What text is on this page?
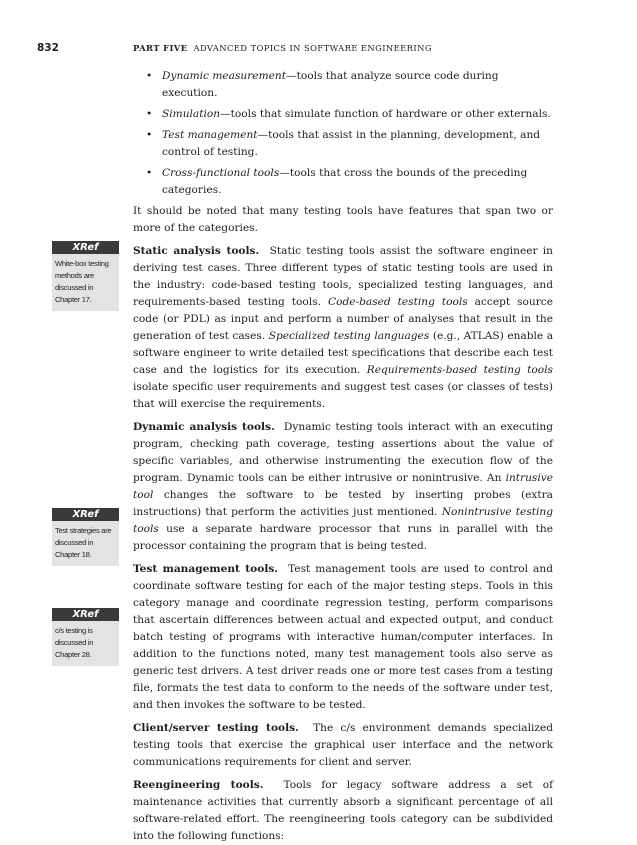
832	PART FIVE ADVANCED TOPICS IN SOFTWARE ENGINEERING
• Dynamic measurement—tools that analyze source code during execution.
• Simulation—tools that simulate function of hardware or other externals.
• Test management—tools that assist in the planning, development, and control of testing.
• Cross-functional tools—tools that cross the bounds of the preceding categories.

It should be noted that many testing tools have features that span two or more of the categories.

Static analysis tools. Static testing tools assist the software engineer in deriving test cases. Three different types of static testing tools are used in the industry: code-based testing tools, specialized testing languages, and requirements-based testing tools. Code-based testing tools accept source code (or PDL) as input and perform a number of analyses that result in the generation of test cases. Specialized testing languages (e.g., ATLAS) enable a software engineer to write detailed test specifications that describe each test case and the logistics for its execution. Requirements-based testing tools isolate specific user requirements and suggest test cases (or classes of tests) that will exercise the requirements.

Dynamic analysis tools. Dynamic testing tools interact with an executing program, checking path coverage, testing assertions about the value of specific variables, and otherwise instrumenting the execution flow of the program. Dynamic tools can be either intrusive or nonintrusive. An intrusive tool changes the software to be tested by inserting probes (extra instructions) that perform the activities just mentioned. Nonintrusive testing tools use a separate hardware processor that runs in parallel with the processor containing the program that is being tested.

Test management tools. Test management tools are used to control and coordinate software testing for each of the major testing steps. Tools in this category manage and coordinate regression testing, perform comparisons that ascertain differences between actual and expected output, and conduct batch testing of programs with interactive human/computer interfaces. In addition to the functions noted, many test management tools also serve as generic test drivers. A test driver reads one or more test cases from a testing file, formats the test data to conform to the needs of the software under test, and then invokes the software to be tested.

Client/server testing tools. The c/s environment demands specialized testing tools that exercise the graphical user interface and the network communications requirements for client and server.

Reengineering tools. Tools for legacy software address a set of maintenance activities that currently absorb a significant percentage of all software-related effort. The reengineering tools category can be subdivided into the following functions:

XRef
White-box testing methods are discussed in Chapter 17.
XRef
Test strategies are discussed in Chapter 18.
XRef
c/s testing is discussed in Chapter 28.
